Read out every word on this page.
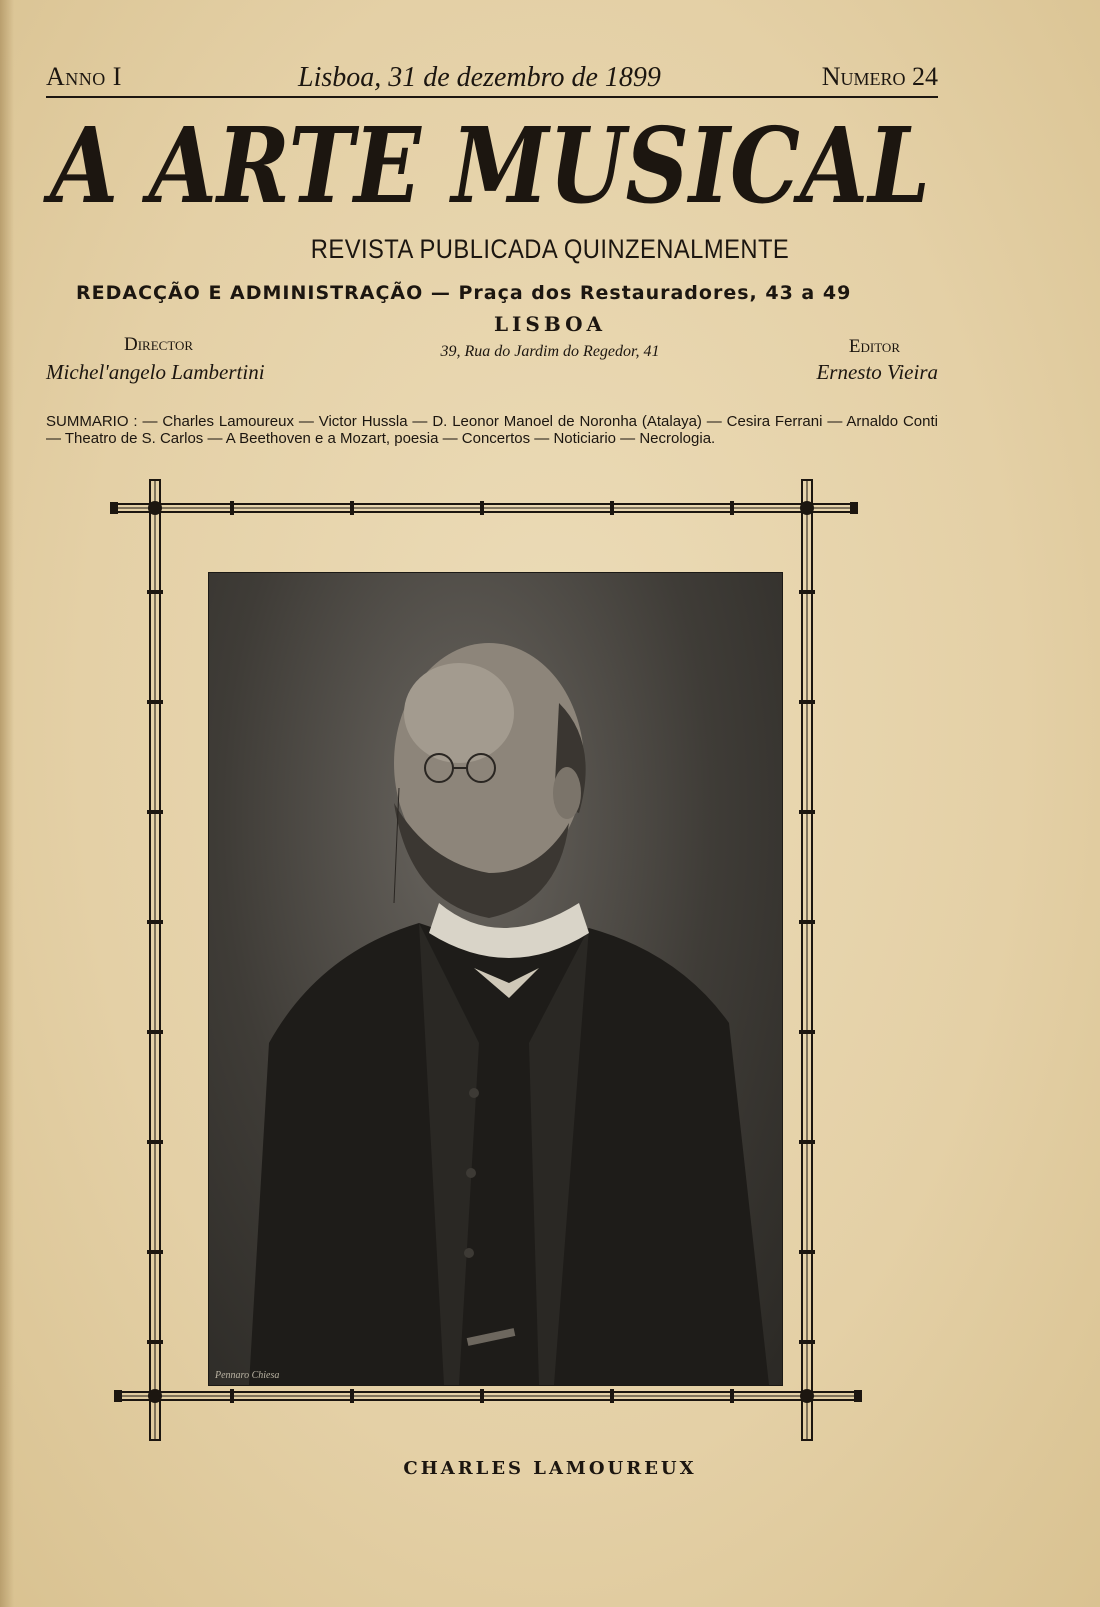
Anno I	Lisboa, 31 de dezembro de 1899	Numero 24
A ARTE MUSICAL
REVISTA PUBLICADA QUINZENALMENTE
REDACÇÃO E ADMINISTRAÇÃO — Praça dos Restauradores, 43 a 49
LISBOA
39, Rua do Jardim do Regedor, 41
Director
Michel'angelo Lambertini
Editor
Ernesto Vieira
SUMMARIO : — Charles Lamoureux — Victor Hussla — D. Leonor Manoel de Noronha (Atalaya) — Cesira Ferrani — Arnaldo Conti — Theatro de S. Carlos — A Beethoven e a Mozart, poesia — Concertos — Noticiario — Necrologia.
Pennaro Chiesa
CHARLES LAMOUREUX
